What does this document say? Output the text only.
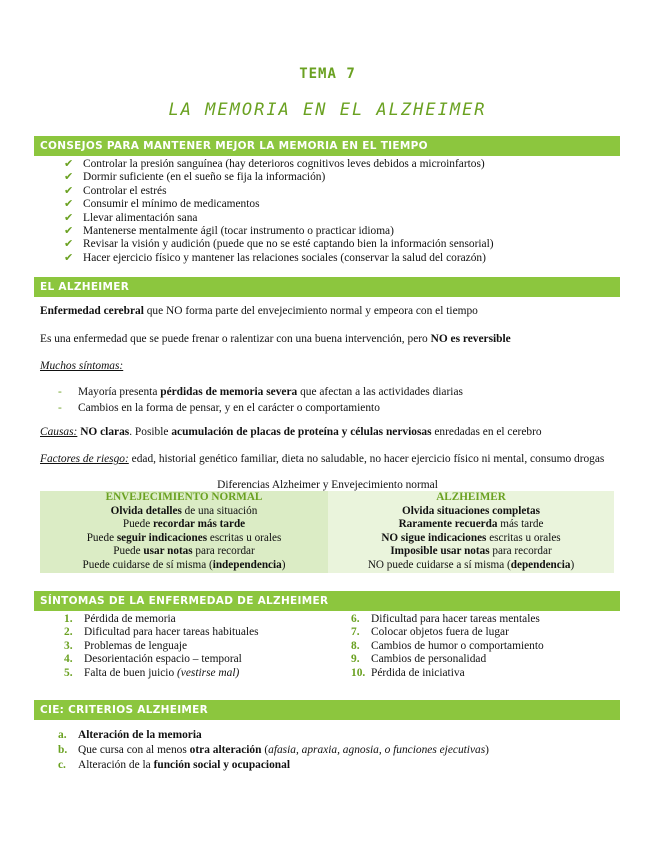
TEMA 7
LA MEMORIA EN EL ALZHEIMER
CONSEJOS PARA MANTENER MEJOR LA MEMORIA EN EL TIEMPO
✔ Controlar la presión sanguínea (hay deterioros cognitivos leves debidos a microinfartos)
✔ Dormir suficiente (en el sueño se fija la información)
✔ Controlar el estrés
✔ Consumir el mínimo de medicamentos
✔ Llevar alimentación sana
✔ Mantenerse mentalmente ágil (tocar instrumento o practicar idioma)
✔ Revisar la visión y audición (puede que no se esté captando bien la información sensorial)
✔ Hacer ejercicio físico y mantener las relaciones sociales (conservar la salud del corazón)
EL ALZHEIMER
Enfermedad cerebral que NO forma parte del envejecimiento normal y empeora con el tiempo
Es una enfermedad que se puede frenar o ralentizar con una buena intervención, pero NO es reversible
Muchos síntomas:
- Mayoría presenta pérdidas de memoria severa que afectan a las actividades diarias
- Cambios en la forma de pensar, y en el carácter o comportamiento
Causas: NO claras. Posible acumulación de placas de proteína y células nerviosas enredadas en el cerebro
Factores de riesgo: edad, historial genético familiar, dieta no saludable, no hacer ejercicio físico ni mental, consumo drogas
Diferencias Alzheimer y Envejecimiento normal
ENVEJECIMIENTO NORMAL	ALZHEIMER
Olvida detalles de una situación	Olvida situaciones completas
Puede recordar más tarde	Raramente recuerda más tarde
Puede seguir indicaciones escritas u orales	NO sigue indicaciones escritas u orales
Puede usar notas para recordar	Imposible usar notas para recordar
Puede cuidarse de sí misma (independencia)	NO puede cuidarse a sí misma (dependencia)
SÍNTOMAS DE LA ENFERMEDAD DE ALZHEIMER
1. Pérdida de memoria
2. Dificultad para hacer tareas habituales
3. Problemas de lenguaje
4. Desorientación espacio – temporal
5. Falta de buen juicio (vestirse mal)
6. Dificultad para hacer tareas mentales
7. Colocar objetos fuera de lugar
8. Cambios de humor o comportamiento
9. Cambios de personalidad
10. Pérdida de iniciativa
CIE: CRITERIOS ALZHEIMER
a. Alteración de la memoria
b. Que cursa con al menos otra alteración (afasia, apraxia, agnosia, o funciones ejecutivas)
c. Alteración de la función social y ocupacional
